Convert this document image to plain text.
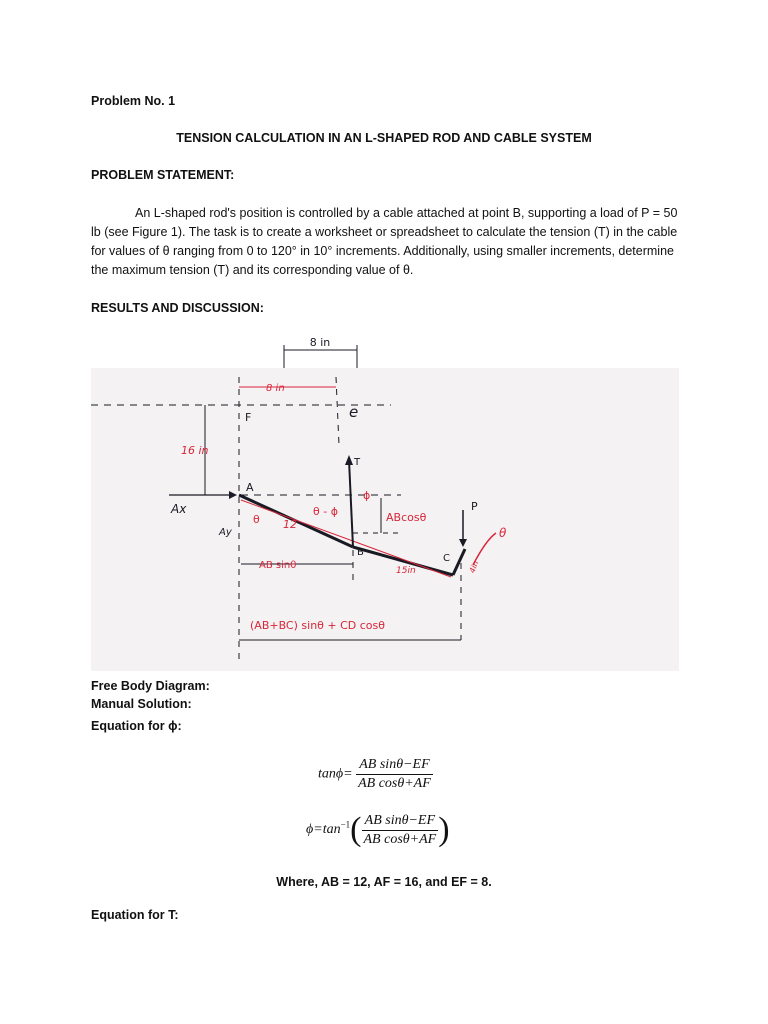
Problem No. 1
TENSION CALCULATION IN AN L-SHAPED ROD AND CABLE SYSTEM
PROBLEM STATEMENT:
An L-shaped rod's position is controlled by a cable attached at point B, supporting a load of P = 50 lb (see Figure 1). The task is to create a worksheet or spreadsheet to calculate the tension (T) in the cable for values of θ ranging from 0 to 120° in 10° increments. Additionally, using smaller increments, determine the maximum tension (T) and its corresponding value of θ.
RESULTS AND DISCUSSION:
8 in
8 in
F	e
16 in
Ax
Ay
A
θ 12
θ - ϕ
T
ϕ
B
ABcosθ
AB sinθ	15in
C
P
θ
4in
(AB+BC) sinθ + CD cosθ
Free Body Diagram:
Manual Solution:
Equation for ϕ:
$\tan\phi= \frac{\text{AB sinθ−EF}}{\text{AB cosθ+AF}}$
$\phi=\tan^{-1}( \frac{\text{AB sinθ−EF}}{\text{AB cosθ+AF}}$ )
Where, AB = 12, AF = 16, and EF = 8.
Equation for T:
